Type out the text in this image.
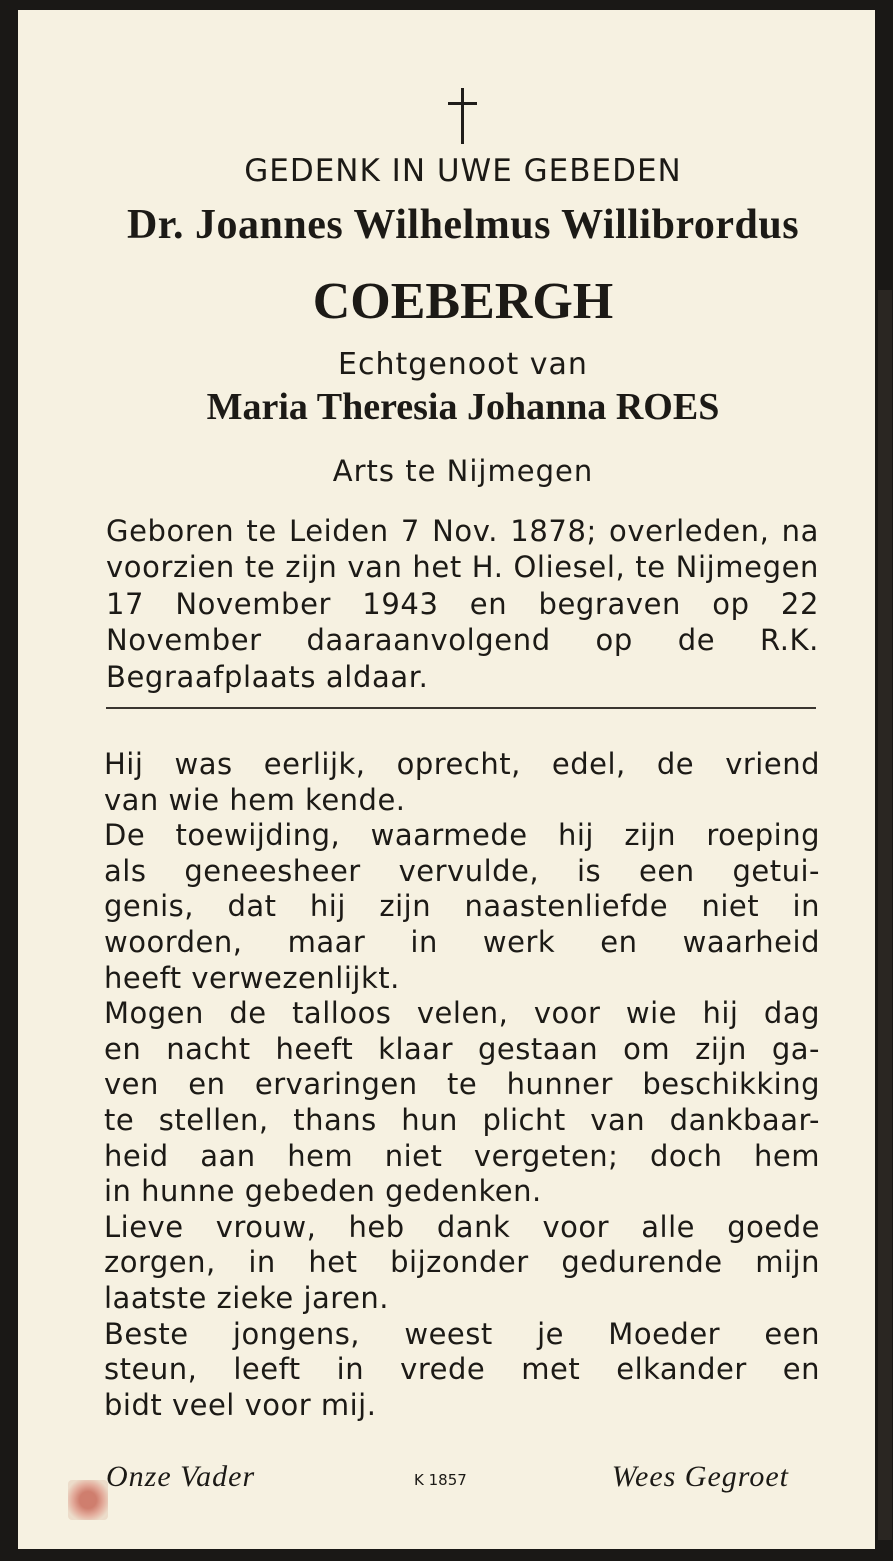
GEDENK IN UWE GEBEDEN
Dr. Joannes Wilhelmus Willibrordus
COEBERGH
Echtgenoot van
Maria Theresia Johanna ROES
Arts te Nijmegen
Geboren te Leiden 7 Nov. 1878; overleden, na voorzien te zijn van het H. Oliesel, te Nijmegen 17 November 1943 en begraven op 22 November daaraanvolgend op de R.K. Begraafplaats aldaar.
Hij was eerlijk, oprecht, edel, de vriend
van wie hem kende.
De toewijding, waarmede hij zijn roeping
als geneesheer vervulde, is een getui-
genis, dat hij zijn naastenliefde niet in
woorden, maar in werk en waarheid
heeft verwezenlijkt.
Mogen de talloos velen, voor wie hij dag
en nacht heeft klaar gestaan om zijn ga-
ven en ervaringen te hunner beschikking
te stellen, thans hun plicht van dankbaar-
heid aan hem niet vergeten; doch hem
in hunne gebeden gedenken.
Lieve vrouw, heb dank voor alle goede
zorgen, in het bijzonder gedurende mijn
laatste zieke jaren.
Beste jongens, weest je Moeder een
steun, leeft in vrede met elkander en
bidt veel voor mij.
Onze Vader	K 1857	Wees Gegroet
